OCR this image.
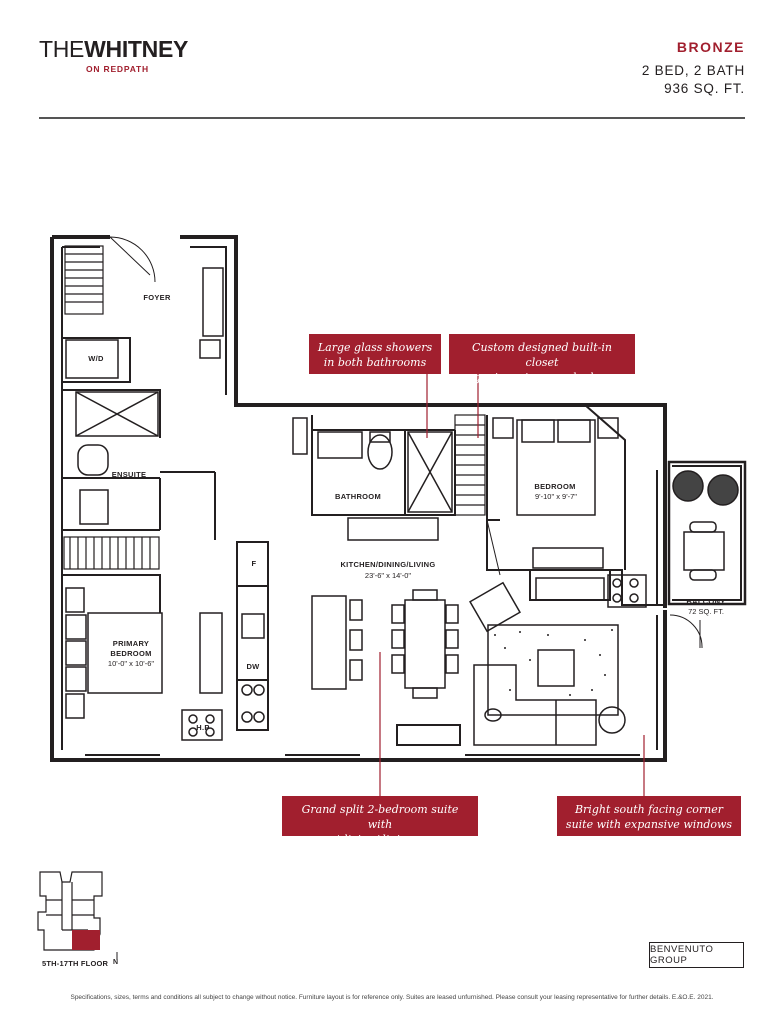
THEWHITNEY
ON REDPATH
BRONZE
2 BED, 2 BATH
936 SQ. FT.
FOYER
W/D
ENSUITE
BATHROOM
BEDROOM
9'-10" x 9'-7"
KITCHEN/DINING/LIVING
23'-6" x 14'-0"
PRIMARY
BEDROOM
10'-0" x 10'-6"
BALCONY
72 SQ. FT.
F
DW
H.P
Large glass showers
in both bathrooms
Custom designed built-in closet
organizers in every bedroom
Grand split 2-bedroom suite with
great living/dining space
Bright south facing corner
suite with expansive windows
5TH-17TH FLOOR N
BENVENUTO GROUP
Specifications, sizes, terms and conditions all subject to change without notice. Furniture layout is for reference only. Suites are leased unfurnished. Please consult your leasing representative for further details. E.&O.E. 2021.
